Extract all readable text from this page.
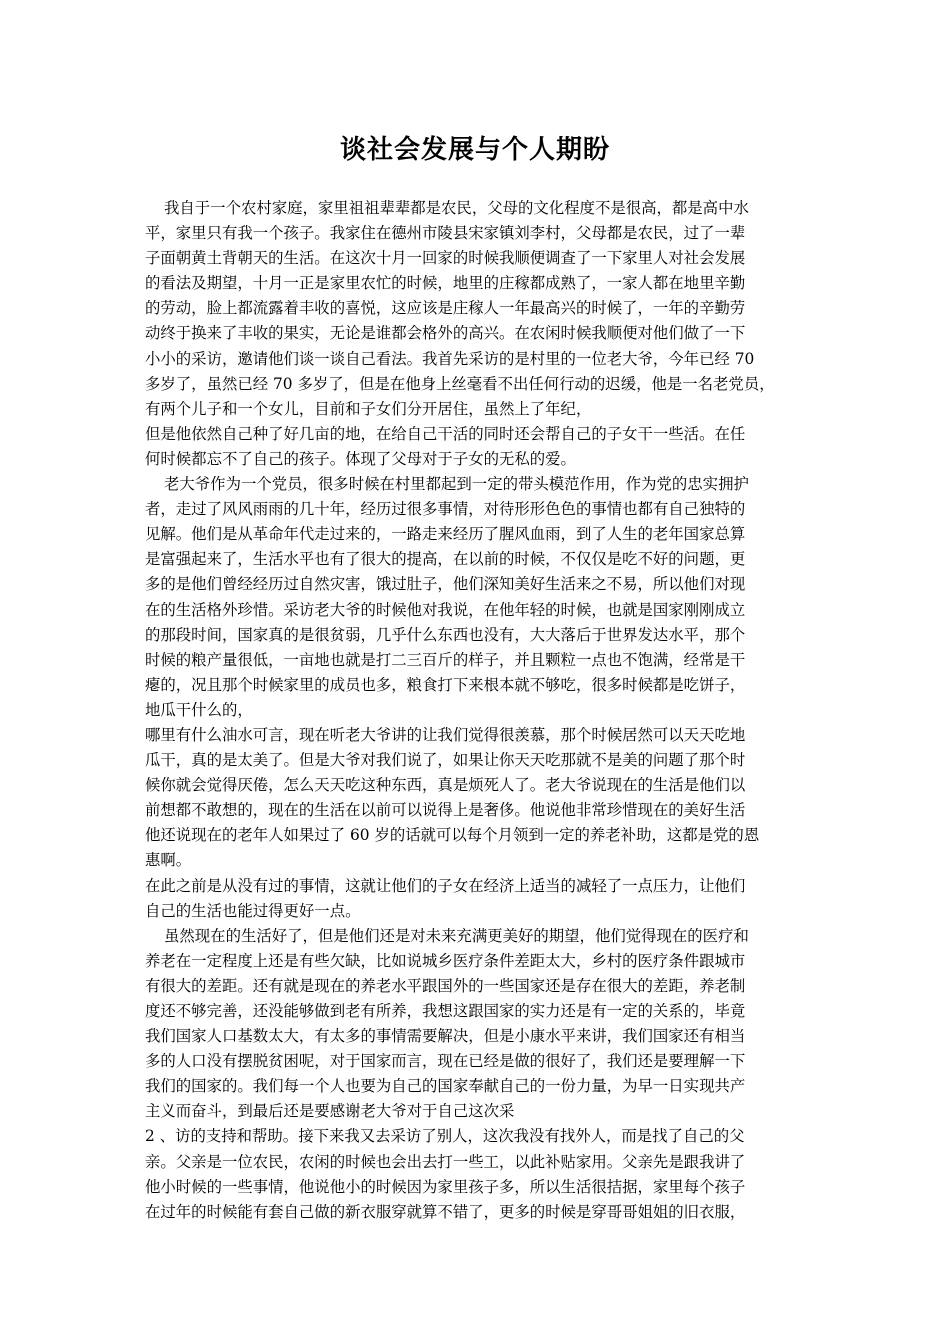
谈社会发展与个人期盼
我自于一个农村家庭，家里祖祖辈辈都是农民，父母的文化程度不是很高，都是高中水
平，家里只有我一个孩子。我家住在德州市陵县宋家镇刘李村，父母都是农民，过了一辈
子面朝黄土背朝天的生活。在这次十月一回家的时候我顺便调查了一下家里人对社会发展
的看法及期望，十月一正是家里农忙的时候，地里的庄稼都成熟了，一家人都在地里辛勤
的劳动，脸上都流露着丰收的喜悦，这应该是庄稼人一年最高兴的时候了，一年的辛勤劳
动终于换来了丰收的果实，无论是谁都会格外的高兴。在农闲时候我顺便对他们做了一下
小小的采访，邀请他们谈一谈自己看法。我首先采访的是村里的一位老大爷，今年已经 70
多岁了，虽然已经 70 多岁了，但是在他身上丝毫看不出任何行动的迟缓，他是一名老党员，
有两个儿子和一个女儿，目前和子女们分开居住，虽然上了年纪，
但是他依然自己种了好几亩的地，在给自己干活的同时还会帮自己的子女干一些活。在任
何时候都忘不了自己的孩子。体现了父母对于子女的无私的爱。
老大爷作为一个党员，很多时候在村里都起到一定的带头模范作用，作为党的忠实拥护
者，走过了风风雨雨的几十年，经历过很多事情，对待形形色色的事情也都有自己独特的
见解。他们是从革命年代走过来的，一路走来经历了腥风血雨，到了人生的老年国家总算
是富强起来了，生活水平也有了很大的提高，在以前的时候，不仅仅是吃不好的问题，更
多的是他们曾经经历过自然灾害，饿过肚子，他们深知美好生活来之不易，所以他们对现
在的生活格外珍惜。采访老大爷的时候他对我说，在他年轻的时候，也就是国家刚刚成立
的那段时间，国家真的是很贫弱，几乎什么东西也没有，大大落后于世界发达水平，那个
时候的粮产量很低，一亩地也就是打二三百斤的样子，并且颗粒一点也不饱满，经常是干
瘪的，况且那个时候家里的成员也多，粮食打下来根本就不够吃，很多时候都是吃饼子，
地瓜干什么的，
哪里有什么油水可言，现在听老大爷讲的让我们觉得很羡慕，那个时候居然可以天天吃地
瓜干，真的是太美了。但是大爷对我们说了，如果让你天天吃那就不是美的问题了那个时
候你就会觉得厌倦，怎么天天吃这种东西，真是烦死人了。老大爷说现在的生活是他们以
前想都不敢想的，现在的生活在以前可以说得上是奢侈。他说他非常珍惜现在的美好生活
他还说现在的老年人如果过了 60 岁的话就可以每个月领到一定的养老补助，这都是党的恩
惠啊。
在此之前是从没有过的事情，这就让他们的子女在经济上适当的减轻了一点压力，让他们
自己的生活也能过得更好一点。
虽然现在的生活好了，但是他们还是对未来充满更美好的期望，他们觉得现在的医疗和
养老在一定程度上还是有些欠缺，比如说城乡医疗条件差距太大，乡村的医疗条件跟城市
有很大的差距。还有就是现在的养老水平跟国外的一些国家还是存在很大的差距，养老制
度还不够完善，还没能够做到老有所养，我想这跟国家的实力还是有一定的关系的，毕竟
我们国家人口基数太大，有太多的事情需要解决，但是小康水平来讲，我们国家还有相当
多的人口没有摆脱贫困呢，对于国家而言，现在已经是做的很好了，我们还是要理解一下
我们的国家的。我们每一个人也要为自己的国家奉献自己的一份力量，为早一日实现共产
主义而奋斗，到最后还是要感谢老大爷对于自己这次采
2 、访的支持和帮助。接下来我又去采访了别人，这次我没有找外人，而是找了自己的父
亲。父亲是一位农民，农闲的时候也会出去打一些工，以此补贴家用。父亲先是跟我讲了
他小时候的一些事情，他说他小的时候因为家里孩子多，所以生活很拮据，家里每个孩子
在过年的时候能有套自己做的新衣服穿就算不错了，更多的时候是穿哥哥姐姐的旧衣服，
